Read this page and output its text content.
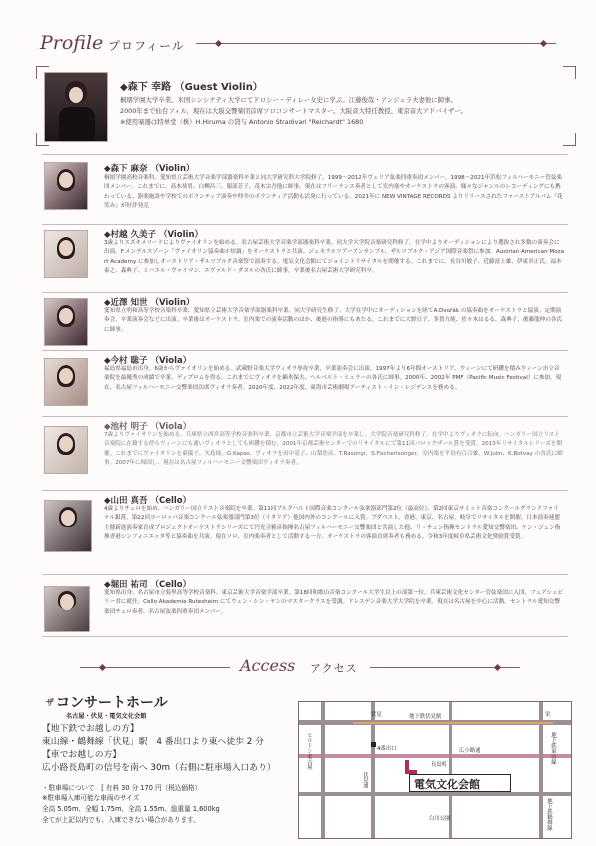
Profile プロフィール
◆森下 幸路 （Guest Violin）
桐朋学園大学卒業、米国シンシナティ大学にてドロシー・ディレー女史に学ぶ。江藤俊哉・アンジェラ夫妻他に師事。
2000年まで仙台フィル、現在は大阪交響楽団首席ソロコンサートマスター。大阪音大特任教授、東京音大アドバイザー。
※使用楽器は特単堂（株）H.Hiruma の貸与 Antonio Stradivari "Reichardt" 1680
◆森下 麻奈 （Violin）
桐朋学園高校音楽科、愛知県立芸術大学音楽学部器楽科卒業と同大学研究科大学院修了。1999～2012年ヴェリア弦楽四重奏団メンバー。1998～2021年浜松フィルハーモニー管弦楽団メンバー。これまでに、高木恭男、白柳昌三、服部芳子、茂木宗吾他に師事。現在はフリーランス奏者として室内楽やオーケストラの客演、様々なジャンルのレコーディングにも携わっている。器楽施設や学校でのボランティア演奏や仲介のボランティア活動も活発に行っている。2021年に NEW VINTAGE RECORDS よりリリースされたファーストアルバム『花笑み』が好評発売
◆村越 久美子 （Violin）
3歳よりスズキメソードによりヴァイオリンを始める。名古屋芸術大学音楽学部器楽科卒業、同大学大学院音楽研究科修了。在学中よりオーディションにより選抜され多数の演奏会に出演。F.メンデルスゾーン「ヴァイオリン協奏曲ホ短調」をオーケストラと共演。ジェネラルツアーアンサンブル、ザルツブルク・アジア国際音楽祭に参加。Austrian American Mozart Academy に参加しオーストリア・ザルツブルク音楽祭で演奏する。電気文化会館にてジョイントリサイタルを開催する。これまでに、長谷川敏子、近藤富士雄、伊東章正氏、福本泰之、森典子、ミハエル・ヴァイマン、エヴァルド・ダヌルの各氏に師事。卒業後名古屋芸術大学研究科卒。
◆近澤 知世 （Violin）
愛知県立明和高等学校音楽科卒業、愛知県立芸術大学音楽学部器楽科卒業、同大学研究生修了。大学在学中にオーディションを経てA.Dvořák の協奏曲をオーケストラと協演。定期演奏会、卒業演奏会などに出演。卒業後はオーケストラ、室内楽での演奏活動のほか、後進の指導にもあたる。これまでに大野日子、多賀方純、佐々木はるる、森典子、後藤龍伸の各氏に師事。
◆今村 聡子 （Viola）
福島県福島市出身。6歳からヴァイオリンを始める。武蔵野音楽大学ヴィオラ専攻卒業、卒業演奏会に出演。1997年より6年間オーストリア、ウィーンにて研鑽を積みウィーン市立音楽院を最優秀の成績で卒業。ディプロムを得る。これまでにヴィオラを鏑木保夫、ヘルベルト・ミュラーの各氏に師事。2000年、2002年 PMF（Pacific Music Festival）に参加。現在、名古屋フィルハーモニー交響楽団次席ヴィオラ奏者。2020年度、2022年度、東海市芸術劇場アーティスト・イン・レジデンスを務める。
◆池村 明子 （Viola）
7歳よりヴァイオリンを始める。兵庫県立西宮高等学校音楽科卒業、京都市立芸術大学音楽学部を卒業し、大学院音楽研究科修了。在学中よりヴィオラに転向。ハンガリー国立リスト音楽院に在籍する傍らウィーンにも通いヴィオラとしても研鑽を積む。2001年京都芸術センターでのリサイタルにて第11回バロックザール賞を受賞。2013年リサイタルシリーズを開催。これまでにヴァイオリンを東儀子、矢島純、G.Kapas、ヴィオラを田中基子、山梨浩彦、T.Rasonyi、S.Fischerlsonger、室内楽を平島有百合雄、W.Julin、K.Botvay の各氏に師事。2007年に帰国し、現在は名古屋フィルハーモニー交響楽団ヴィオラ奏者。
◆山田 真吾 （Cello）
4歳よりチェロを始め、ハンガリー国立リスト音楽院を卒業。第11回ブルクハルト国際音楽コンクール弦楽器部門第2位（最高位）、第2回東京サミット音楽コンクールグランドファイナル銀賞、第22回ヨーロッパ音楽コンクール弦楽器部門第3位（イタリア）他国内外のコンクールに入賞。ブダペスト、香港、東京、名古屋、岐阜でリサイタルを開催。日本演奏連盟主催新進演奏家育成プロジェクトオーケストラシリーズにて円光寺雅彦指揮名古屋フィルハーモニー交響楽団と共演した他、リ・チェン指揮セントラル愛知交響楽団、ケン・ジェン指揮香港シンフォニエッタ等と協奏曲を共演。現在ソロ、室内楽奏者として活動する一方、オーケストラの客演首席奏者も務める。令和3年度岐阜県芸術文化奨励賞受賞。
◆堀田 祐司 （Cello）
愛知県出身。名古屋市立菊里高等学校音楽科、東京芸術大学音楽学部卒業。第18回和歌山音楽コンクール大学生以上の部第一位。兵庫芸術文化センター管弦楽団に入団、フェアシェビリー君に就任。Cello Akademie Rutesheim にてウェン・シン・ヤンのマスタークラスを受講。ドレスデン音楽大学大学院を卒業。現在は名古屋を中心に活動。セントラル愛知交響楽団チェロ奏者、名古屋弦楽四重奏団メンバー。
Access アクセス
ザ コンサートホール
名古屋・伏見・電気文化会館
【地下鉄でお越しの方】
東山線・鶴舞線「伏見」駅　4 番出口より東へ徒歩 2 分
【車でお越しの方】
広小路長島町の信号を南へ 30m（右側に駐車場入口あり）
・駐車場について　[ 有料 30 分 170 円（税込価格）
※駐車場入庫可能な車両のサイズ
全高 5.05m、全幅 1.75m、全高 1.55m、総重量 1,600kg
全てが上記以内でも、入庫できない場合があります。
伏見	地下鉄伏見駅	栄
4番出口	広小路通
長島町
白川公園
ヒルトン名古屋
伏見通
地下鉄東山線
地下鉄鶴舞線
電気文化会館
